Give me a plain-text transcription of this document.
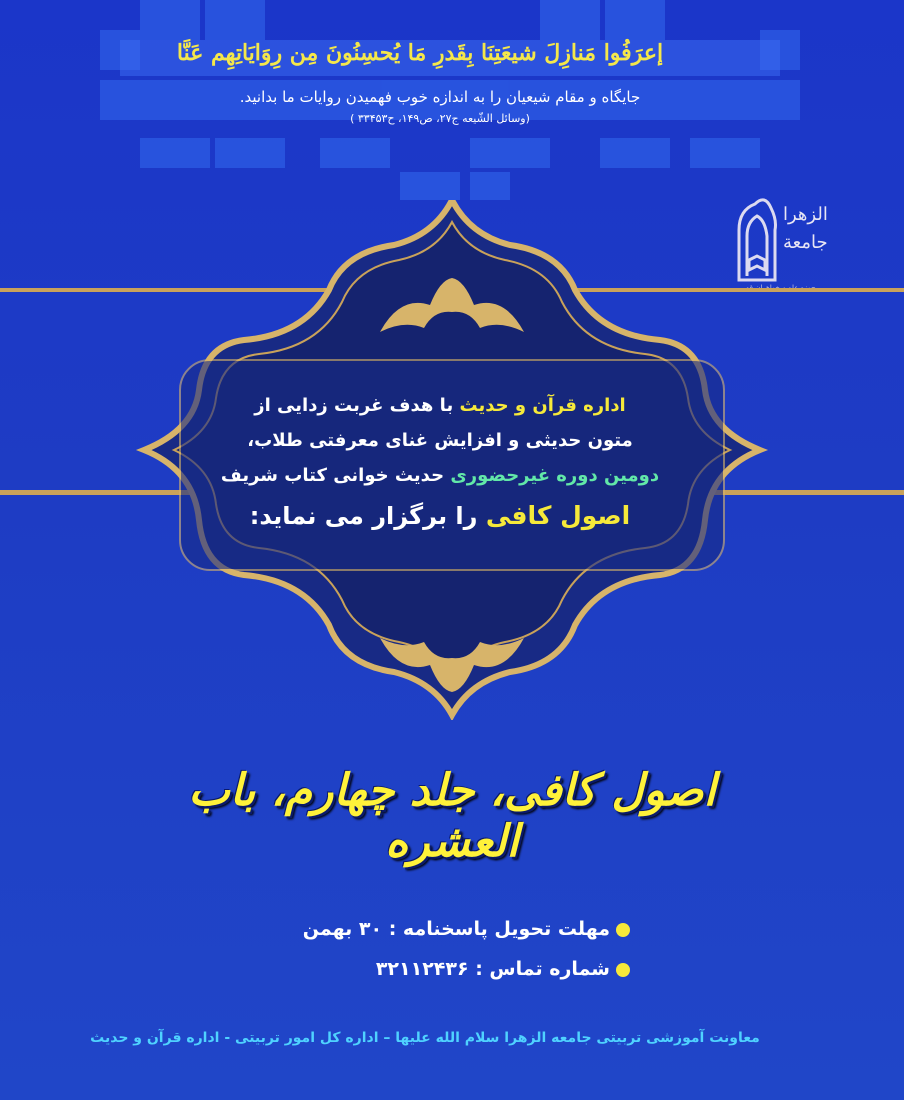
إعرَفُوا مَنازِلَ شيعَتِنَا بِقَدرِ مَا يُحسِنُونَ مِن رِوَايَاتِهِم عَنَّا
جایگاه و مقام شیعیان را به اندازه خوب فهمیدن روایات ما بدانید.
(وسائل الشّیعه ج۲۷، ص۱۴۹، ح۳۳۴۵۳ )
الزهرا
جامعة
اداره قرآن و حدیث با هدف غربت زدایی از
متون حدیثی و افزایش غنای معرفتی طلاب،
دومین دوره غیرحضوری حدیث خوانی کتاب شریف
اصول کافی را برگزار می نماید:
اصول کافی، جلد چهارم، باب العشره
مهلت تحویل پاسخنامه : ۳۰ بهمن
شماره تماس : ۳۲۱۱۲۴۳۶
معاونت آموزشی تربیتی جامعه الزهرا سلام الله علیها – اداره کل امور تربیتی - اداره قرآن و حدیث
